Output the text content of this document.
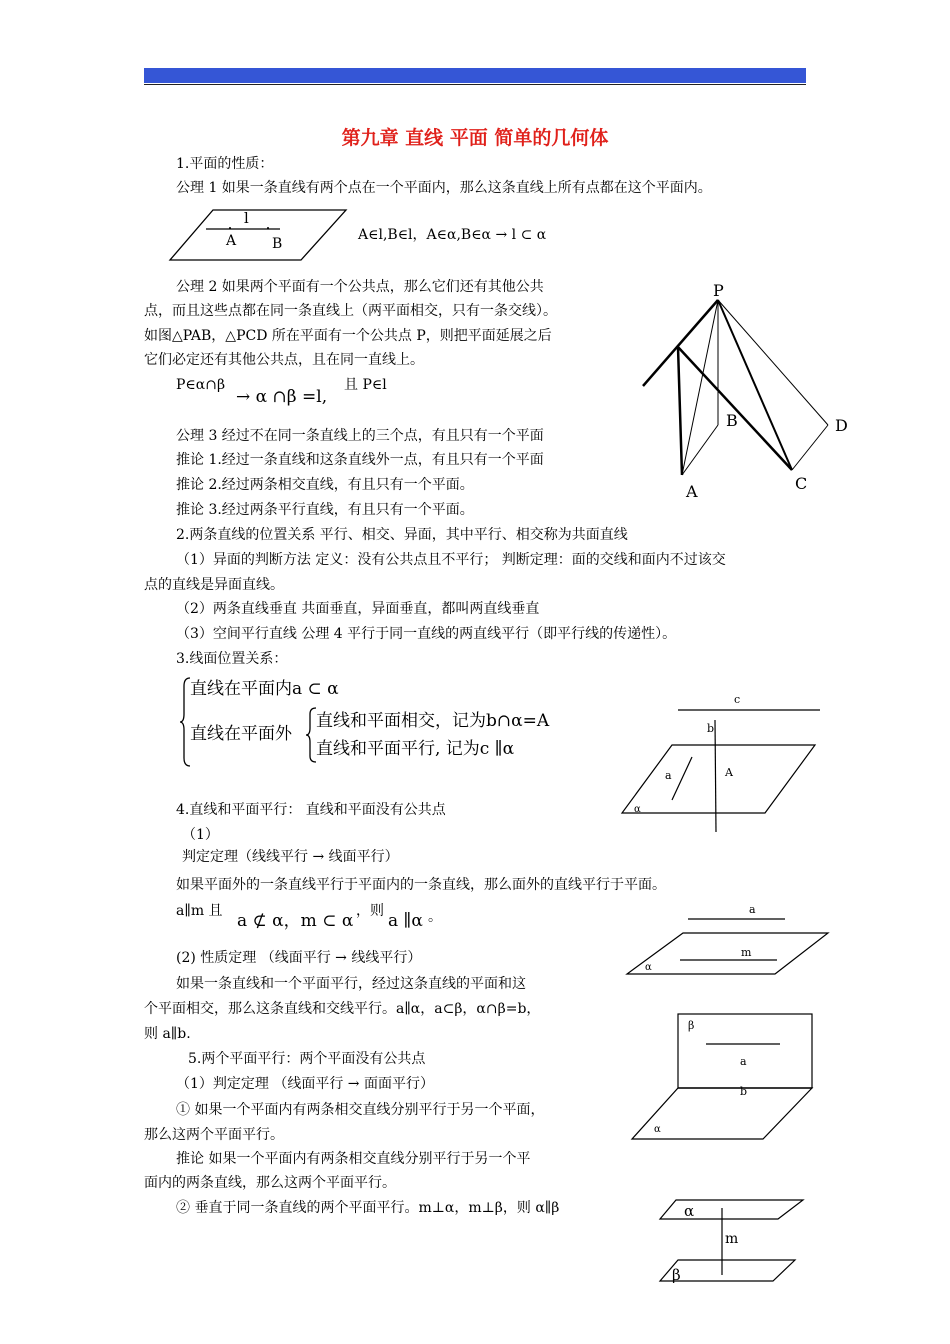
第九章 直线 平面 简单的几何体
1.平面的性质：
公理 1 如果一条直线有两个点在一个平面内，那么这条直线上所有点都在这个平面内。
l
A	B
A∈l,B∈l，A∈α,B∈α → l ⊂ α
公理 2 如果两个平面有一个公共点，那么它们还有其他公共
点，而且这些点都在同一条直线上（两平面相交，只有一条交线）。
如图△PAB，△PCD 所在平面有一个公共点 P，则把平面延展之后
它们必定还有其他公共点，且在同一直线上。
P∈α∩β
→ α ∩β =l,
且 P∈l
P
B	D
A	C
公理 3 经过不在同一条直线上的三个点，有且只有一个平面
推论 1.经过一条直线和这条直线外一点，有且只有一个平面
推论 2.经过两条相交直线，有且只有一个平面。
推论 3.经过两条平行直线，有且只有一个平面。
2.两条直线的位置关系 平行、相交、异面，其中平行、相交称为共面直线
（1）异面的判断方法 定义：没有公共点且不平行； 判断定理：面的交线和面内不过该交
点的直线是异面直线。
（2）两条直线垂直 共面垂直，异面垂直，都叫两直线垂直
（3）空间平行直线 公理 4 平行于同一直线的两直线平行（即平行线的传递性）。
3.线面位置关系：
直线在平面内a ⊂ α
直线在平面外
直线和平面相交，记为b∩α=A
直线和平面平行, 记为c ∥α
c
b
a	A
α
4.直线和平面平行： 直线和平面没有公共点
（1）
判定定理（线线平行 → 线面平行）
如果平面外的一条直线平行于平面内的一条直线，那么面外的直线平行于平面。
a∥m 且 a ⊄ α，m ⊂ α ，则 a ∥α 。	a
m
α
(2) 性质定理 （线面平行 → 线线平行）
如果一条直线和一个平面平行，经过这条直线的平面和这
个平面相交，那么这条直线和交线平行。a∥α，a⊂β，α∩β=b，
则 a∥b.
β
a
b
α
5.两个平面平行：两个平面没有公共点
（1）判定定理 （线面平行 → 面面平行）
① 如果一个平面内有两条相交直线分别平行于另一个平面，
那么这两个平面平行。
推论 如果一个平面内有两条相交直线分别平行于另一个平
面内的两条直线，那么这两个平面平行。
② 垂直于同一条直线的两个平面平行。m⊥α，m⊥β，则 α∥β	α
m
β
